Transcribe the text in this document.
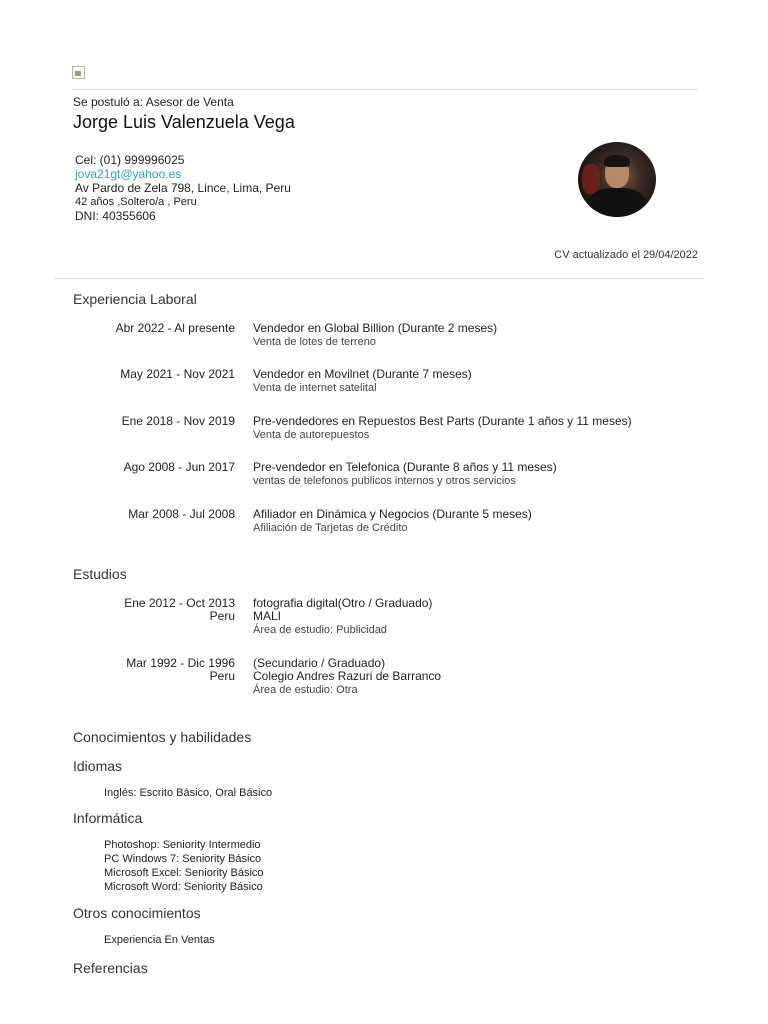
Se postuló a: Asesor de Venta
Jorge Luis Valenzuela Vega
Cel: (01) 999996025
jova21gt@yahoo.es
Av Pardo de Zela 798, Lince, Lima, Peru
42 años ,Soltero/a , Peru
DNI: 40355606
CV actualizado el 29/04/2022
Experiencia Laboral
Abr 2022 - Al presente Vendedor en Global Billion (Durante 2 meses)
Venta de lotes de terreno
May 2021 - Nov 2021 Vendedor en Movilnet (Durante 7 meses)
Venta de internet satelital
Ene 2018 - Nov 2019 Pre-vendedores en Repuestos Best Parts (Durante 1 años y 11 meses)
Venta de autorepuestos
Ago 2008 - Jun 2017 Pre-vendedor en Telefonica (Durante 8 años y 11 meses)
ventas de telefonos publicos internos y otros servicios
Mar 2008 - Jul 2008 Afiliador en Dinámica y Negocios (Durante 5 meses)
Afiliación de Tarjetas de Crédito
Estudios
Ene 2012 - Oct 2013
Peru
fotografia digital(Otro / Graduado)
MALI
Área de estudio: Publicidad
Mar 1992 - Dic 1996
Peru
(Secundario / Graduado)
Colegio Andres Razuri de Barranco
Área de estudio: Otra
Conocimientos y habilidades
Idiomas
Inglés: Escrito Básico, Oral Básico
Informática
Photoshop: Seniority Intermedio
PC Windows 7: Seniority Básico
Microsoft Excel: Seniority Básico
Microsoft Word: Seniority Básico
Otros conocimientos
Experiencia En Ventas
Referencias
